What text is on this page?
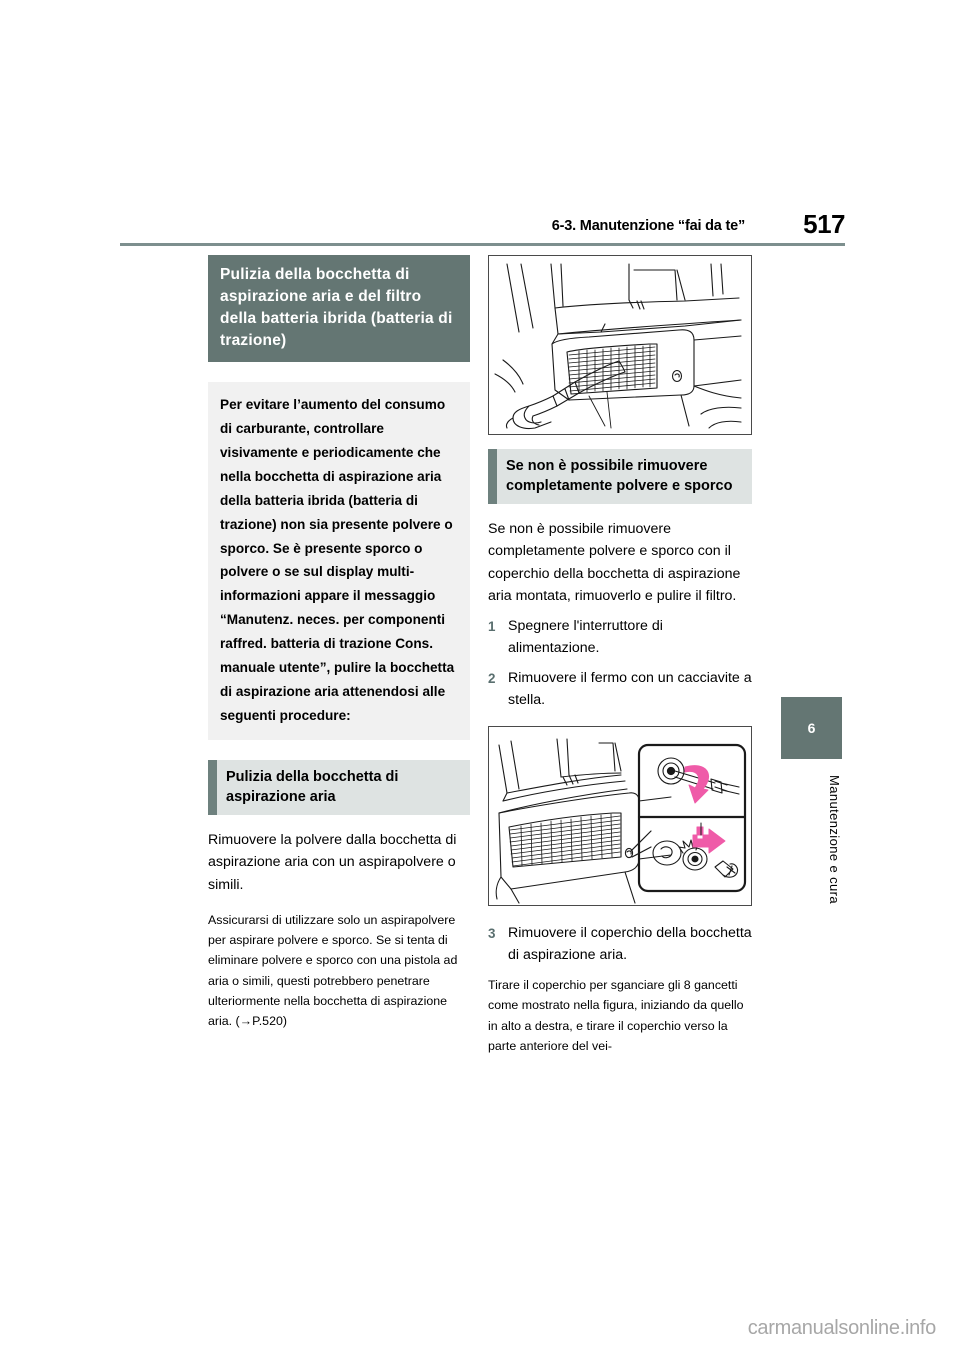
6-3. Manutenzione “fai da te” 517
Pulizia della bocchetta di aspirazione aria e del filtro della batteria ibrida (batteria di trazione)
Per evitare l’aumento del consumo di carburante, controllare visivamente e periodicamente che nella bocchetta di aspirazione aria della batteria ibrida (batteria di trazione) non sia presente polvere o sporco. Se è presente sporco o polvere o se sul display multi-informazioni appare il messaggio “Manutenz. neces. per componenti raffred. batteria di trazione Cons. manuale utente”, pulire la bocchetta di aspirazione aria attenendosi alle seguenti procedure:
Pulizia della bocchetta di aspirazione aria

Rimuovere la polvere dalla bocchetta di aspirazione aria con un aspirapolvere o simili.

Assicurarsi di utilizzare solo un aspirapolvere per aspirare polvere e sporco. Se si tenta di eliminare polvere e sporco con una pistola ad aria o simili, questi potrebbero penetrare ulteriormente nella bocchetta di aspirazione aria. (→P.520)

Se non è possibile rimuovere completamente polvere e sporco

Se non è possibile rimuovere completamente polvere e sporco con il coperchio della bocchetta di aspirazione aria montata, rimuoverlo e pulire il filtro.

1 Spegnere l'interruttore di alimentazione.
2 Rimuovere il fermo con un cacciavite a stella.
3 Rimuovere il coperchio della bocchetta di aspirazione aria.

Tirare il coperchio per sganciare gli 8 gancetti come mostrato nella figura, iniziando da quello in alto a destra, e tirare il coperchio verso la parte anteriore del vei-

6
Manutenzione e cura
carmanualsonline.info
